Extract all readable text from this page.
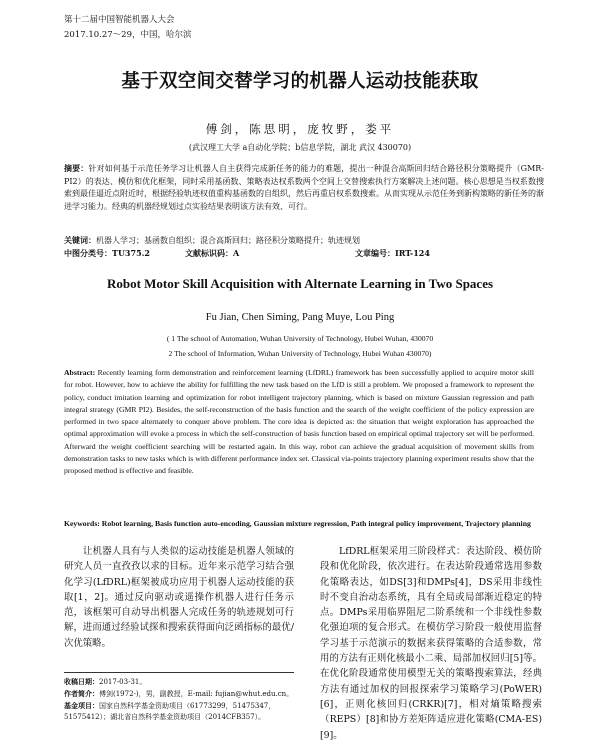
第十二届中国智能机器人大会
2017.10.27～29，中国，哈尔滨
基于双空间交替学习的机器人运动技能获取
傅剑，陈思明，庞牧野，娄平
(武汉理工大学 a自动化学院；b信息学院，湖北 武汉 430070)
摘要：针对如何基于示范任务学习让机器人自主获得完成新任务的能力的难题，提出一种混合高斯回归结合路径积分策略提升（GMR-PI2）的表达、模仿和优化框架，同时采用基函数、策略表达权系数两个空间上交替搜索执行方案解决上述问题。核心思想是当权系数搜索到最佳逼近点附近时，根据经验轨迹权值重构基函数的自组织，然后再重启权系数搜索。从而实现从示范任务到新构策略的新任务的渐进学习能力。经典的机器经规划过点实验结果表明该方法有效、可行。
关键词：机器人学习；基函数自组织；混合高斯回归；路径积分策略提升；轨迹规划
中图分类号：TU375.2	文献标识码：A	文章编号：IRT-124
Robot Motor Skill Acquisition with Alternate Learning in Two Spaces
Fu Jian, Chen Siming, Pang Muye, Lou Ping
( 1 The school of Automation, Wuhan University of Technology, Hubei Wuhan, 430070
2 The school of Information, Wuhan University of Technology, Hubei Wuhan 430070)
Abstract: Recently learning form demonstration and reinforcement learning (LfDRL) framework has been successfully applied to acquire motor skill for robot. However, how to achieve the ability for fulfilling the new task based on the LfD is still a problem. We proposed a framework to represent the policy, conduct imitation learning and optimization for robot intelligent trajectory planning, which is based on mixture Gaussian regression and path integral strategy (GMR PI2). Besides, the self-reconstruction of the basis function and the search of the weight coefficient of the policy expression are performed in two space alternately to conquer above problem. The core idea is depicted as: the situation that weight exploration has approached the optimal approximation will evoke a process in which the self-construction of basis function based on empirical optimal trajectory set will be performed. Afterward the weight coefficient searching will be restarted again. In this way, robot can achieve the gradual acquisition of movement skills from demonstration tasks to new tasks which is with different performance index set. Classical via-points trajectory planning experiment results show that the proposed method is effective and feasible.
Keywords: Robot learning, Basis function auto-encoding, Gaussian mixture regression, Path integral policy improvement, Trajectory planning
让机器人具有与人类似的运动技能是机器人领域的研究人员一直孜孜以求的目标。近年来示范学习结合强化学习(LfDRL)框架被成功应用于机器人运动技能的获取[1，2]。通过反向驱动或遥操作机器人进行任务示范，该框架可自动导出机器人完成任务的轨迹规划可行解，进而通过经验试探和搜索获得面向泛函指标的最优/次优策略。
LfDRL框架采用三阶段样式：表达阶段、模仿阶段和优化阶段，依次进行。在表达阶段通常选用参数化策略表达，如DS[3]和DMPs[4]，DS采用非线性时不变自治动态系统，具有全局或局部渐近稳定的特点。DMPs采用临界阻尼二阶系统和一个非线性参数化强迫项的复合形式。在模仿学习阶段一般使用监督学习基于示范演示的数据来获得策略的合适参数，常用的方法有正则化核最小二乘、局部加权回归[5]等。在优化阶段通常使用模型无关的策略搜索算法，经典方法有通过加权的回报探索学习策略学习(PoWER)[6]，正则化核回归(CRKR)[7]，相对熵策略搜索（REPS）[8]和协方差矩阵适应进化策略(CMA-ES)[9]。
收稿日期：2017-03-31。
作者简介：傅剑(1972-)，男，副教授，E-mail: fujian@whut.edu.cn。
基金项目：国家自然科学基金资助项目（61773299，51475347，51575412）；湖北省自然科学基金资助项目（2014CFB357）。
